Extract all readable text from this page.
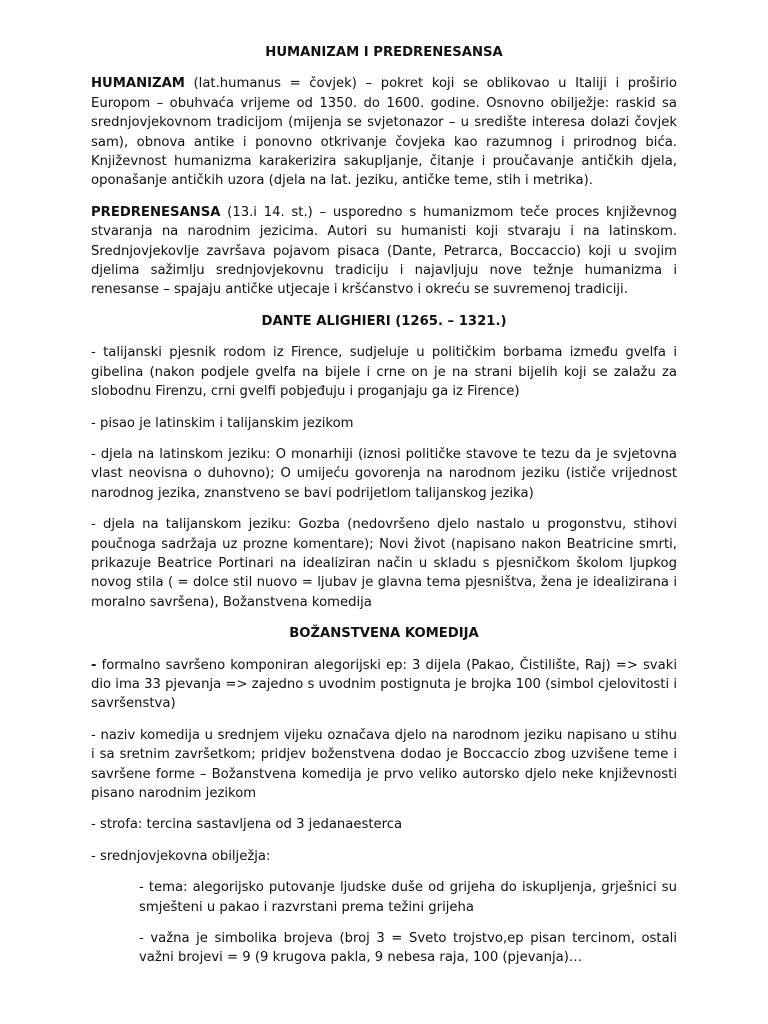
HUMANIZAM I PREDRENESANSA

HUMANIZAM (lat.humanus = čovjek) – pokret koji se oblikovao u Italiji i proširio Europom – obuhvaća vrijeme od 1350. do 1600. godine. Osnovno obilježje: raskid sa srednjovjekovnom tradicijom (mijenja se svjetonazor – u središte interesa dolazi čovjek sam), obnova antike i ponovno otkrivanje čovjeka kao razumnog i prirodnog bića. Književnost humanizma karakerizira sakupljanje, čitanje i proučavanje antičkih djela, oponašanje antičkih uzora (djela na lat. jeziku, antičke teme, stih i metrika).

PREDRENESANSA (13.i 14. st.) – usporedno s humanizmom teče proces književnog stvaranja na narodnim jezicima. Autori su humanisti koji stvaraju i na latinskom. Srednjovjekovlje završava pojavom pisaca (Dante, Petrarca, Boccaccio) koji u svojim djelima sažimlju srednjovjekovnu tradiciju i najavljuju nove težnje humanizma i renesanse – spajaju antičke utjecaje i kršćanstvo i okreću se suvremenoj tradiciji.

DANTE ALIGHIERI (1265. – 1321.)

- talijanski pjesnik rodom iz Firence, sudjeluje u političkim borbama između gvelfa i gibelina (nakon podjele gvelfa na bijele i crne on je na strani bijelih koji se zalažu za slobodnu Firenzu, crni gvelfi pobjeđuju i proganjaju ga iz Firence)

- pisao je latinskim i talijanskim jezikom

- djela na latinskom jeziku: O monarhiji (iznosi političke stavove te tezu da je svjetovna vlast neovisna o duhovno); O umijeću govorenja na narodnom jeziku (ističe vrijednost narodnog jezika, znanstveno se bavi podrijetlom talijanskog jezika)

- djela na talijanskom jeziku: Gozba (nedovršeno djelo nastalo u progonstvu, stihovi poučnoga sadržaja uz prozne komentare); Novi život (napisano nakon Beatricine smrti, prikazuje Beatrice Portinari na idealiziran način u skladu s pjesničkom školom ljupkog novog stila ( = dolce stil nuovo = ljubav je glavna tema pjesništva, žena je idealizirana i moralno savršena), Božanstvena komedija

BOŽANSTVENA KOMEDIJA

- formalno savršeno komponiran alegorijski ep: 3 dijela (Pakao, Čistilište, Raj) => svaki dio ima 33 pjevanja => zajedno s uvodnim postignuta je brojka 100 (simbol cjelovitosti i savršenstva)

- naziv komedija u srednjem vijeku označava djelo na narodnom jeziku napisano u stihu i sa sretnim završetkom; pridjev boženstvena dodao je Boccaccio zbog uzvišene teme i savršene forme – Božanstvena komedija je prvo veliko autorsko djelo neke književnosti pisano narodnim jezikom

- strofa: tercina sastavljena od 3 jedanaesterca

- srednjovjekovna obilježja:

- tema: alegorijsko putovanje ljudske duše od grijeha do iskupljenja, grješnici su smješteni u pakao i razvrstani prema težini grijeha

- važna je simbolika brojeva (broj 3 = Sveto trojstvo,ep pisan tercinom, ostali važni brojevi = 9 (9 krugova pakla, 9 nebesa raja, 100 (pjevanja)…
